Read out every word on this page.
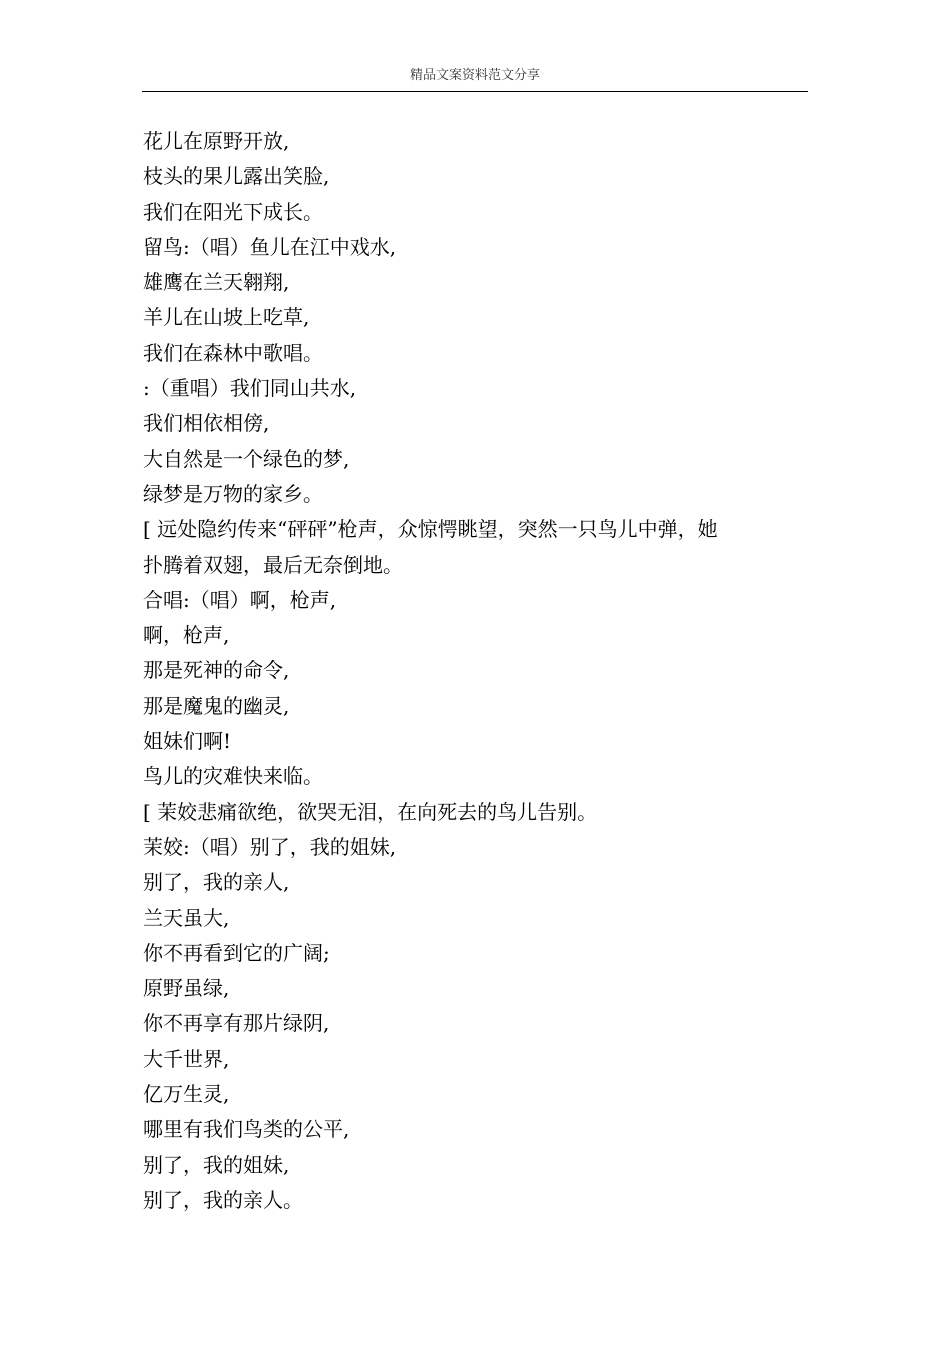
精品文案资料范文分享
花儿在原野开放,
枝头的果儿露出笑脸,
我们在阳光下成长。
留鸟:（唱）鱼儿在江中戏水,
雄鹰在兰天翱翔,
羊儿在山坡上吃草,
我们在森林中歌唱。
:（重唱）我们同山共水,
我们相依相傍,
大自然是一个绿色的梦,
绿梦是万物的家乡。
[ 远处隐约传来“砰砰”枪声，众惊愕眺望，突然一只鸟儿中弹，她
扑腾着双翅，最后无奈倒地。
合唱:（唱）啊，枪声,
啊，枪声,
那是死神的命令,
那是魔鬼的幽灵,
姐妹们啊!
鸟儿的灾难快来临。
[ 茉姣悲痛欲绝，欲哭无泪，在向死去的鸟儿告别。
茉姣:（唱）别了，我的姐妹,
别了，我的亲人,
兰天虽大,
你不再看到它的广阔;
原野虽绿,
你不再享有那片绿阴,
大千世界,
亿万生灵,
哪里有我们鸟类的公平,
别了，我的姐妹,
别了，我的亲人。
